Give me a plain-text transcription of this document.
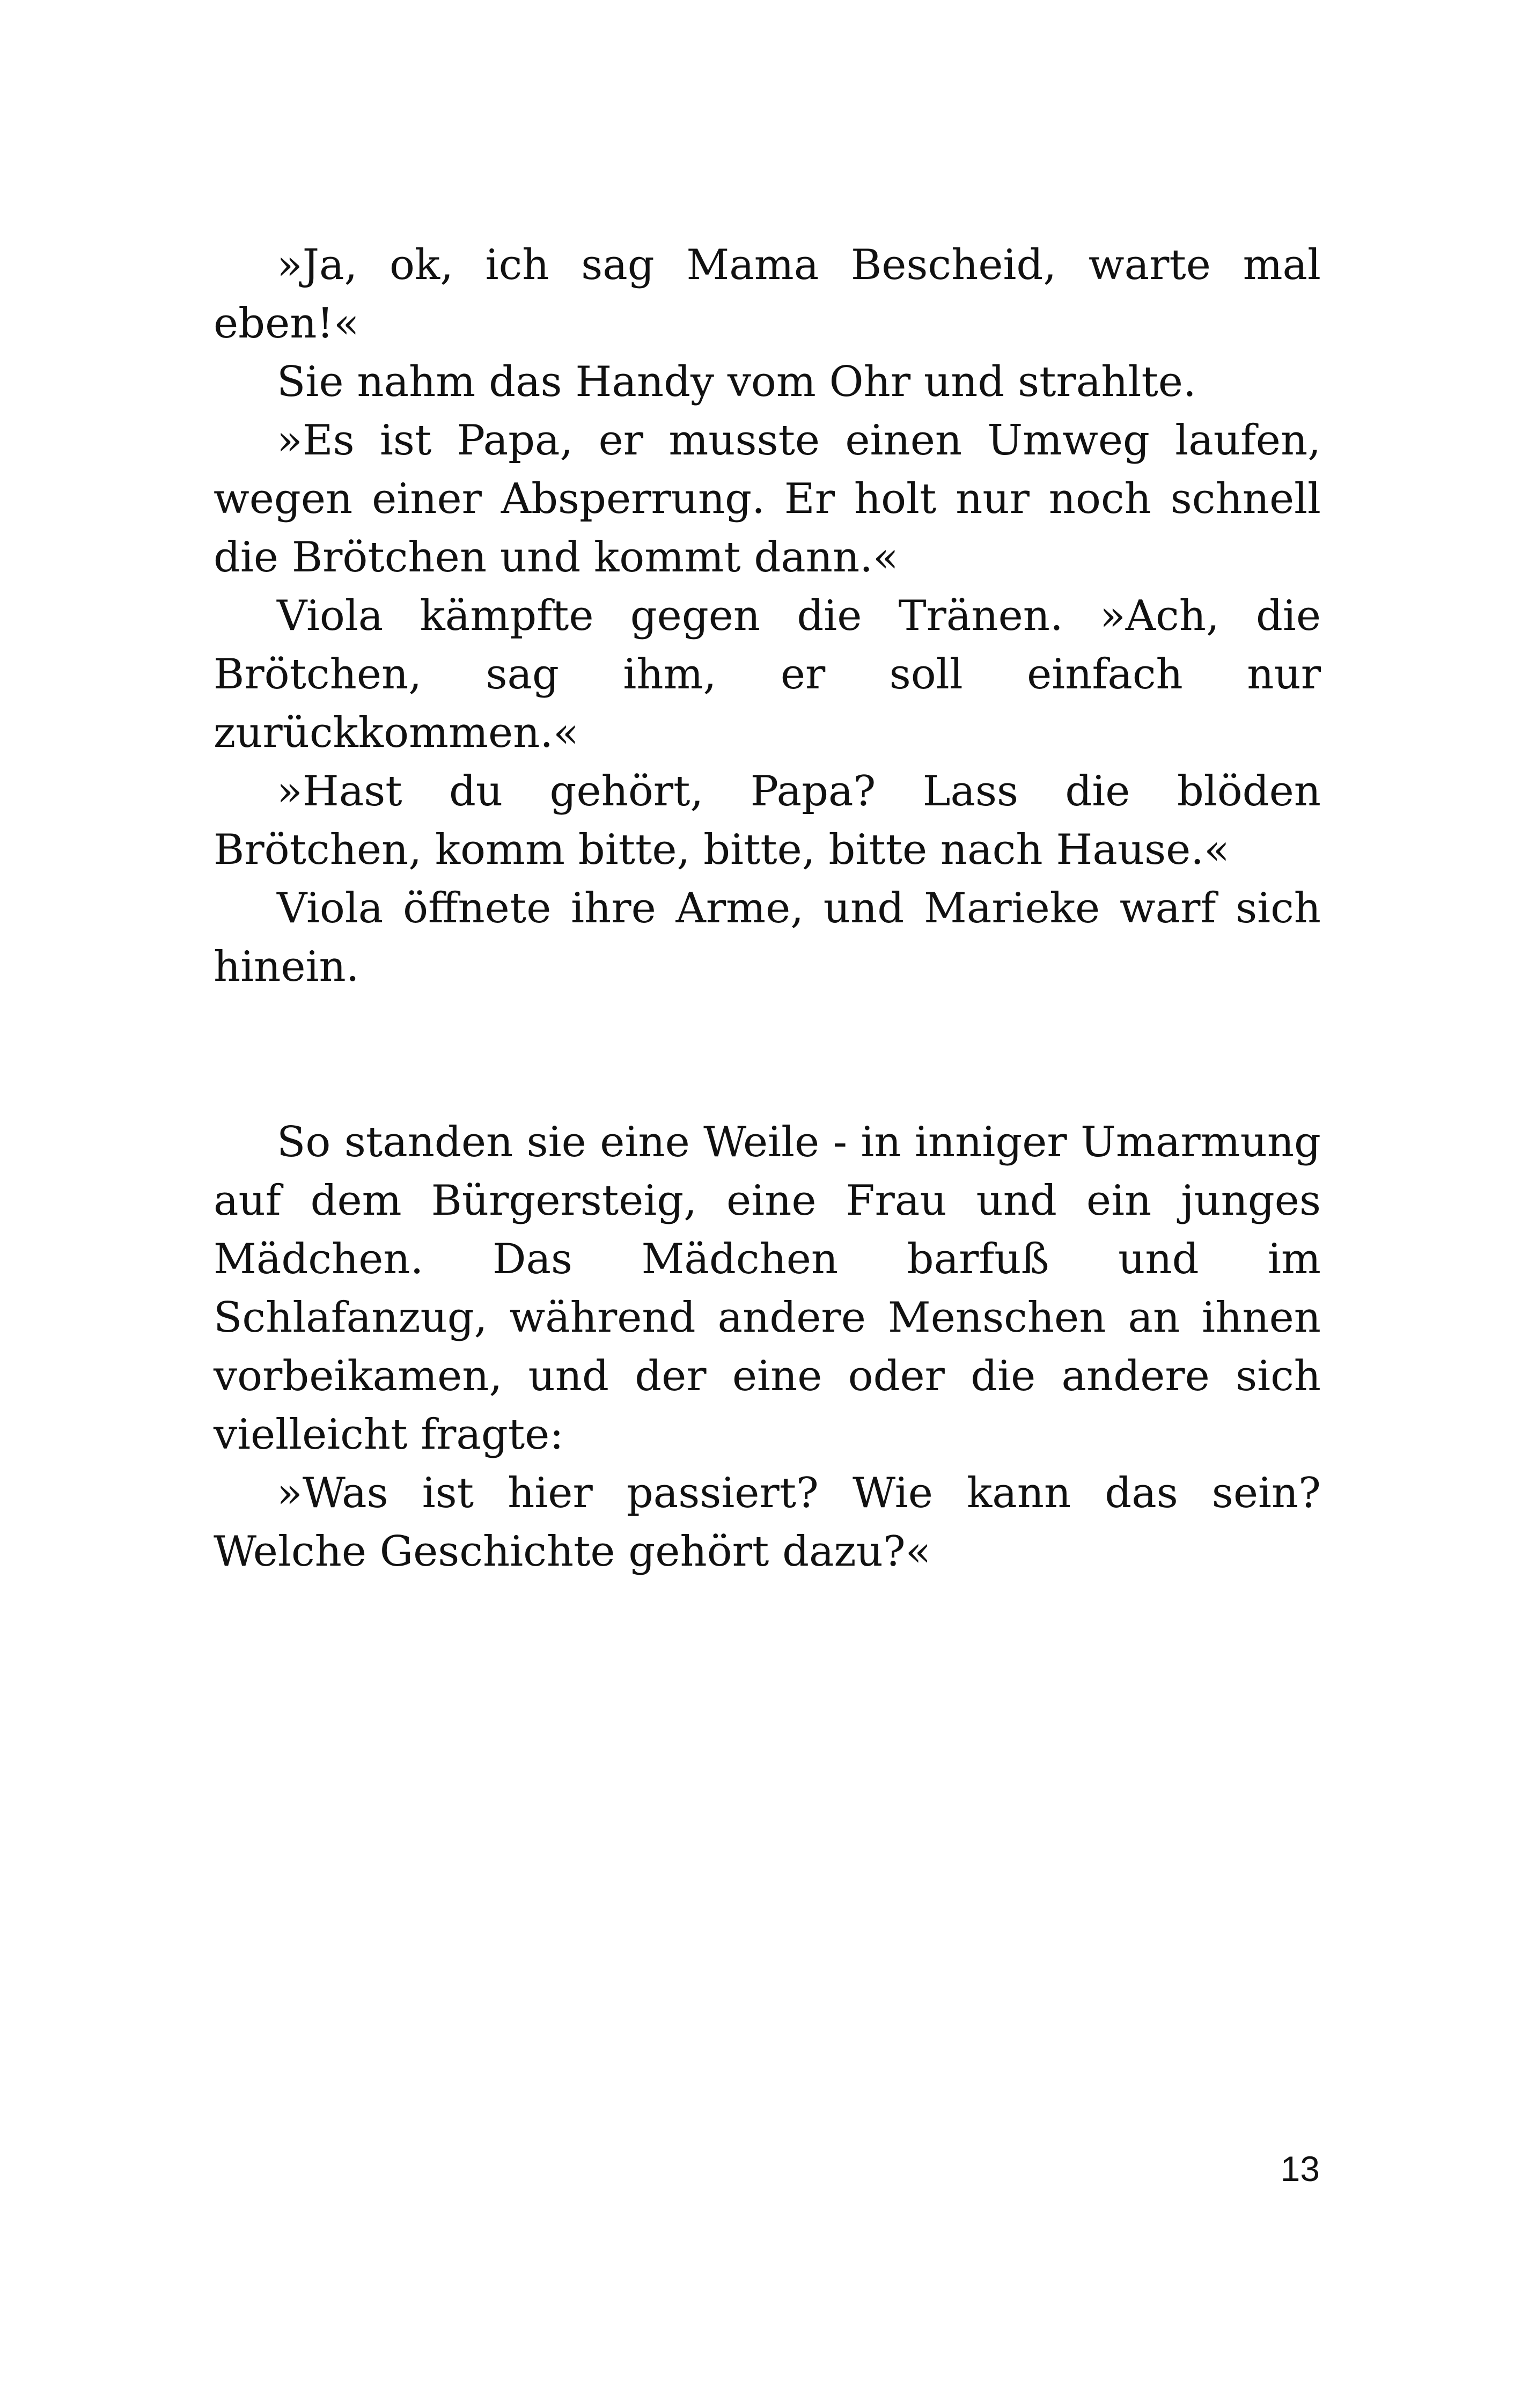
»Ja, ok, ich sag Mama Bescheid, warte mal eben!«

Sie nahm das Handy vom Ohr und strahlte.

»Es ist Papa, er musste einen Umweg laufen, wegen einer Absperrung. Er holt nur noch schnell die Brötchen und kommt dann.«

Viola kämpfte gegen die Tränen. »Ach, die Brötchen, sag ihm, er soll einfach nur zurückkommen.«

»Hast du gehört, Papa? Lass die blöden Brötchen, komm bitte, bitte, bitte nach Hause.«

Viola öffnete ihre Arme, und Marieke warf sich hinein.

So standen sie eine Weile - in inniger Umarmung auf dem Bürgersteig, eine Frau und ein junges Mädchen. Das Mädchen barfuß und im Schlafanzug, während andere Menschen an ihnen vorbeikamen, und der eine oder die andere sich vielleicht fragte:

»Was ist hier passiert? Wie kann das sein? Welche Geschichte gehört dazu?«

13
